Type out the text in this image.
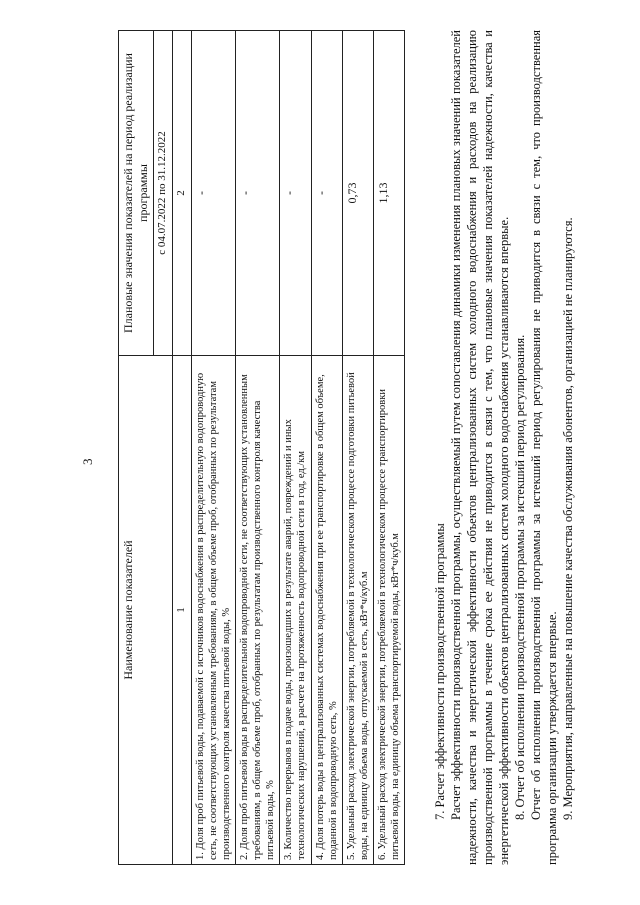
3
Наименование показателей	Плановые значения показателей на период реализации программы
	с 04.07.2022 по 31.12.2022
1	2
1. Доля проб питьевой воды, подаваемой с источников водоснабжения в распределительную водопроводную сеть, не соответствующих установленным требованиям, в общем объеме проб, отобранных по результатам производственного контроля качества питьевой воды, %	-
2. Доля проб питьевой воды в распределительной водопроводной сети, не соответствующих установленным требованиям, в общем объеме проб, отобранных по результатам производственного контроля качества питьевой воды, %	-
3. Количество перерывов в подаче воды, произошедших в результате аварий, повреждений и иных технологических нарушений, в расчете на протяженность водопроводной сети в год, ед./км	-
4. Доля потерь воды в централизованных системах водоснабжения при ее транспортировке в общем объеме, поданной в водопроводную сеть, %	-
5. Удельный расход электрической энергии, потребляемой в технологическом процессе подготовки питьевой воды, на единицу объема воды, отпускаемой в сеть, кВт*ч/куб.м	0,73
6. Удельный расход электрической энергии, потребляемой в технологическом процессе транспортировки питьевой воды, на единицу объема транспортируемой воды, кВт*ч/куб.м	1,13

7. Расчет эффективности производственной программы Расчет эффективности производственной программы, осуществляемый путем сопоставления динамики изменения плановых значений показателей надежности, качества и энергетической эффективности объектов централизованных систем холодного водоснабжения и расходов на реализацию производственной программы в течение срока ее действия не приводится в связи с тем, что плановые значения показателей надежности, качества и энергетической эффективности объектов централизованных систем холодного водоснабжения устанавливаются впервые. 8. Отчет об исполнении производственной программы за истекший период регулирования. Отчет об исполнении производственной программы за истекший период регулирования не приводится в связи с тем, что производственная программа организации утверждается впервые. 9. Мероприятия, направленные на повышение качества обслуживания абонентов, организацией не планируются.
